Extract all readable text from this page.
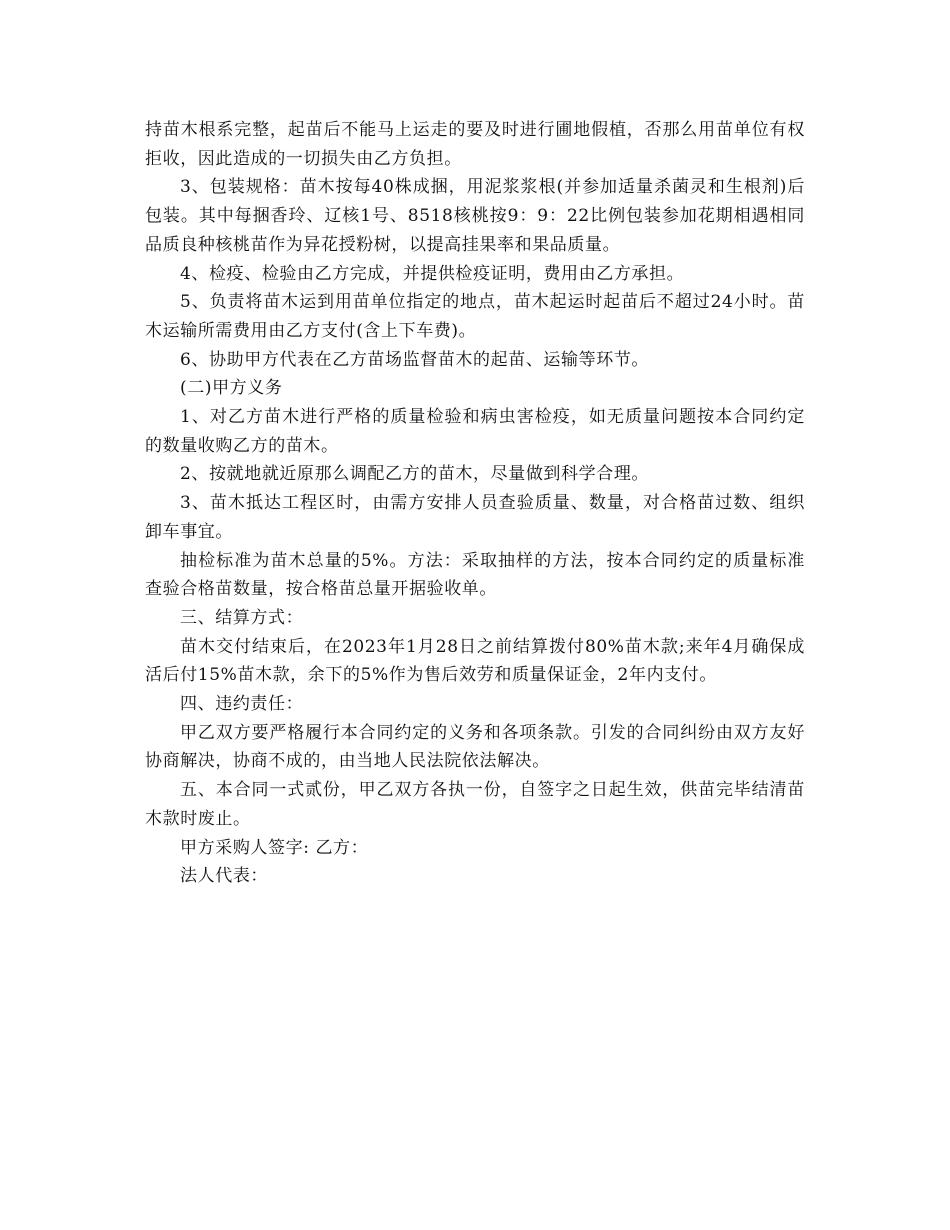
持苗木根系完整，起苗后不能马上运走的要及时进行圃地假植，否那么用苗单位有权拒收，因此造成的一切损失由乙方负担。

3、包装规格：苗木按每40株成捆，用泥浆浆根(并参加适量杀菌灵和生根剂)后包装。其中每捆香玲、辽核1号、8518核桃按9：9：22比例包装参加花期相遇相同品质良种核桃苗作为异花授粉树，以提高挂果率和果品质量。

4、检疫、检验由乙方完成，并提供检疫证明，费用由乙方承担。

5、负责将苗木运到用苗单位指定的地点，苗木起运时起苗后不超过24小时。苗木运输所需费用由乙方支付(含上下车费)。

6、协助甲方代表在乙方苗场监督苗木的起苗、运输等环节。

(二)甲方义务

1、对乙方苗木进行严格的质量检验和病虫害检疫，如无质量问题按本合同约定的数量收购乙方的苗木。

2、按就地就近原那么调配乙方的苗木，尽量做到科学合理。

3、苗木抵达工程区时，由需方安排人员查验质量、数量，对合格苗过数、组织卸车事宜。

抽检标准为苗木总量的5%。方法：采取抽样的方法，按本合同约定的质量标准查验合格苗数量，按合格苗总量开据验收单。

三、结算方式：

苗木交付结束后，在2023年1月28日之前结算拨付80%苗木款;来年4月确保成活后付15%苗木款，余下的5%作为售后效劳和质量保证金，2年内支付。

四、违约责任：

甲乙双方要严格履行本合同约定的义务和各项条款。引发的合同纠纷由双方友好协商解决，协商不成的，由当地人民法院依法解决。

五、本合同一式贰份，甲乙双方各执一份，自签字之日起生效，供苗完毕结清苗木款时废止。

甲方采购人签字: 乙方：

法人代表：
